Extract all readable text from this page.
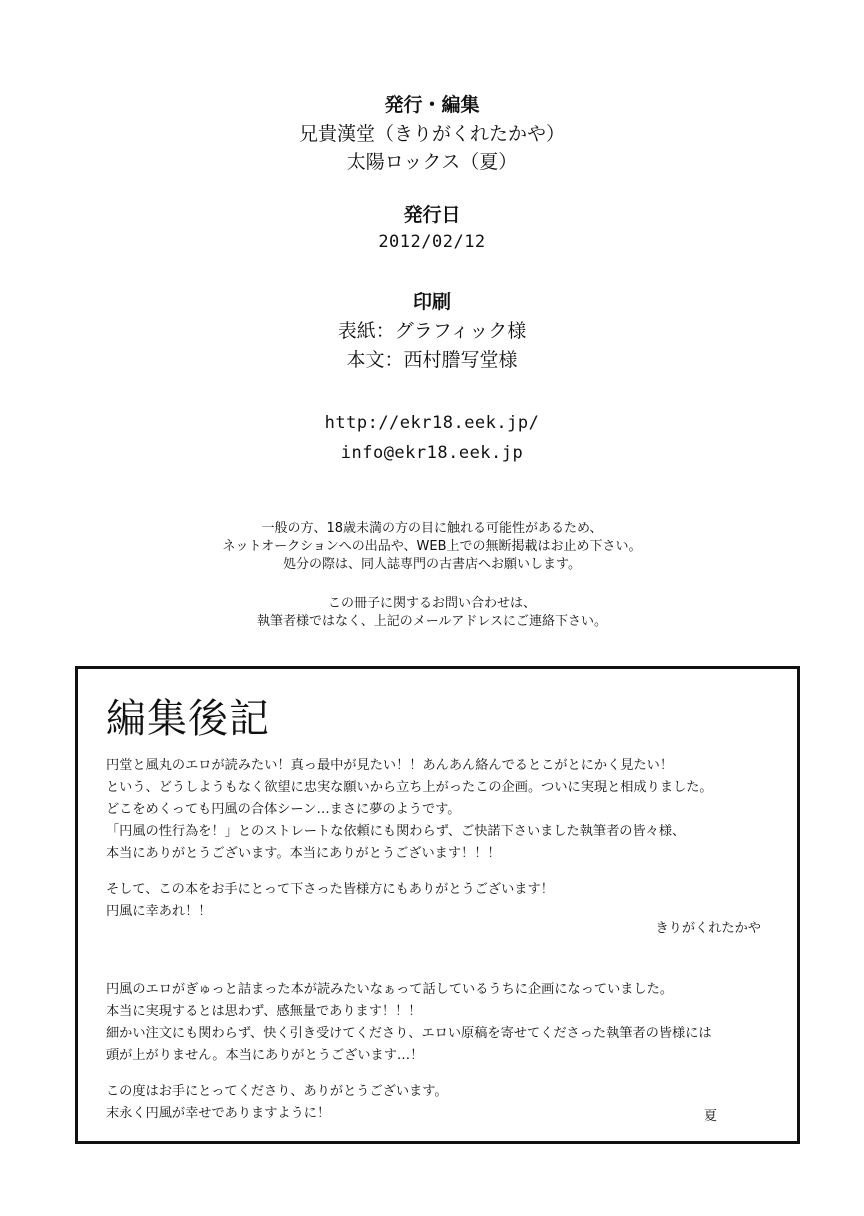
発行・編集
兄貴漢堂（きりがくれたかや）
太陽ロックス（夏）
発行日
2012/02/12
印刷
表紙：グラフィック様
本文：西村謄写堂様
http://ekr18.eek.jp/
info@ekr18.eek.jp
一般の方、18歳未満の方の目に触れる可能性があるため、
ネットオークションへの出品や、WEB上での無断掲載はお止め下さい。
処分の際は、同人誌専門の古書店へお願いします。
この冊子に関するお問い合わせは、
執筆者様ではなく、上記のメールアドレスにご連絡下さい。
編集後記
円堂と風丸のエロが読みたい！真っ最中が見たい！！あんあん絡んでるとこがとにかく見たい！
という、どうしようもなく欲望に忠実な願いから立ち上がったこの企画。ついに実現と相成りました。
どこをめくっても円風の合体シーン…まさに夢のようです。
「円風の性行為を！」とのストレートな依頼にも関わらず、ご快諾下さいました執筆者の皆々様、
本当にありがとうございます。本当にありがとうございます！！！
そして、この本をお手にとって下さった皆様方にもありがとうございます！
円風に幸あれ！！
きりがくれたかや
円風のエロがぎゅっと詰まった本が読みたいなぁって話しているうちに企画になっていました。
本当に実現するとは思わず、感無量であります！！！
細かい注文にも関わらず、快く引き受けてくださり、エロい原稿を寄せてくださった執筆者の皆様には
頭が上がりません。本当にありがとうございます…！
この度はお手にとってくださり、ありがとうございます。
末永く円風が幸せでありますように！	夏
